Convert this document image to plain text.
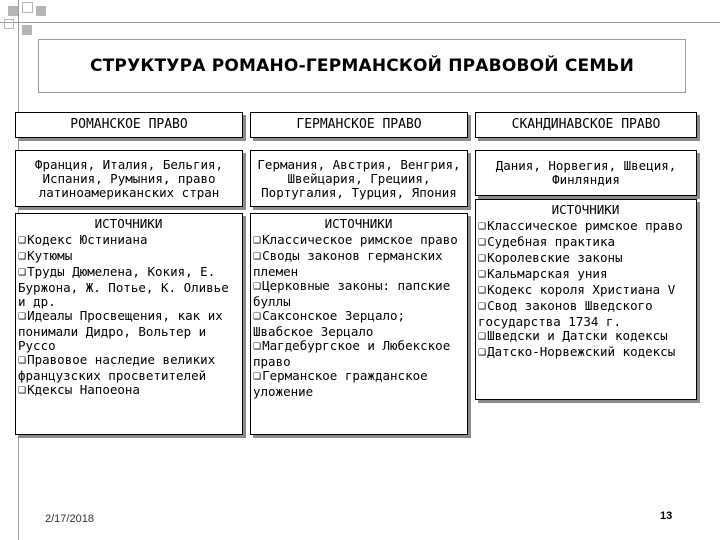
СТРУКТУРА РОМАНО-ГЕРМАНСКОЙ ПРАВОВОЙ СЕМЬИ
РОМАНСКОЕ ПРАВО
Франция, Италия, Бельгия, Испания, Румыния, право латиноамериканских стран
ИСТОЧНИКИ
❑Кодекс Юстиниана
❑Кутюмы
❑Труды Дюмелена, Кокия, Е. Буржона, Ж. Потье, К. Оливье и др.
❑Идеалы Просвещения, как их понимали Дидро, Вольтер и Руссо
❑Правовое наследие великих французских просветителей
❑Кдексы Напоеона
ГЕРМАНСКОЕ ПРАВО
Германия, Австрия, Венгрия, Швейцария, Грециия, Португалия, Турция, Япония
ИСТОЧНИКИ
❑Классическое римское право
❑Своды законов германских племен
❑Церковные законы: папские буллы
❑Саксонское Зерцало; Швабское Зерцало
❑Магдебургское и Любекское право
❑Германское гражданское уложение
СКАНДИНАВСКОЕ ПРАВО
Дания, Норвегия, Швеция, Финляндия
ИСТОЧНИКИ
❑Классическое римское право
❑Судебная практика
❑Королевские законы
❑Кальмарская уния
❑Кодекс короля Христиана V
❑Свод законов Шведского государства 1734 г.
❑Шведски и Датски кодексы
❑Датско-Норвежский кодексы
2/17/2018	13
